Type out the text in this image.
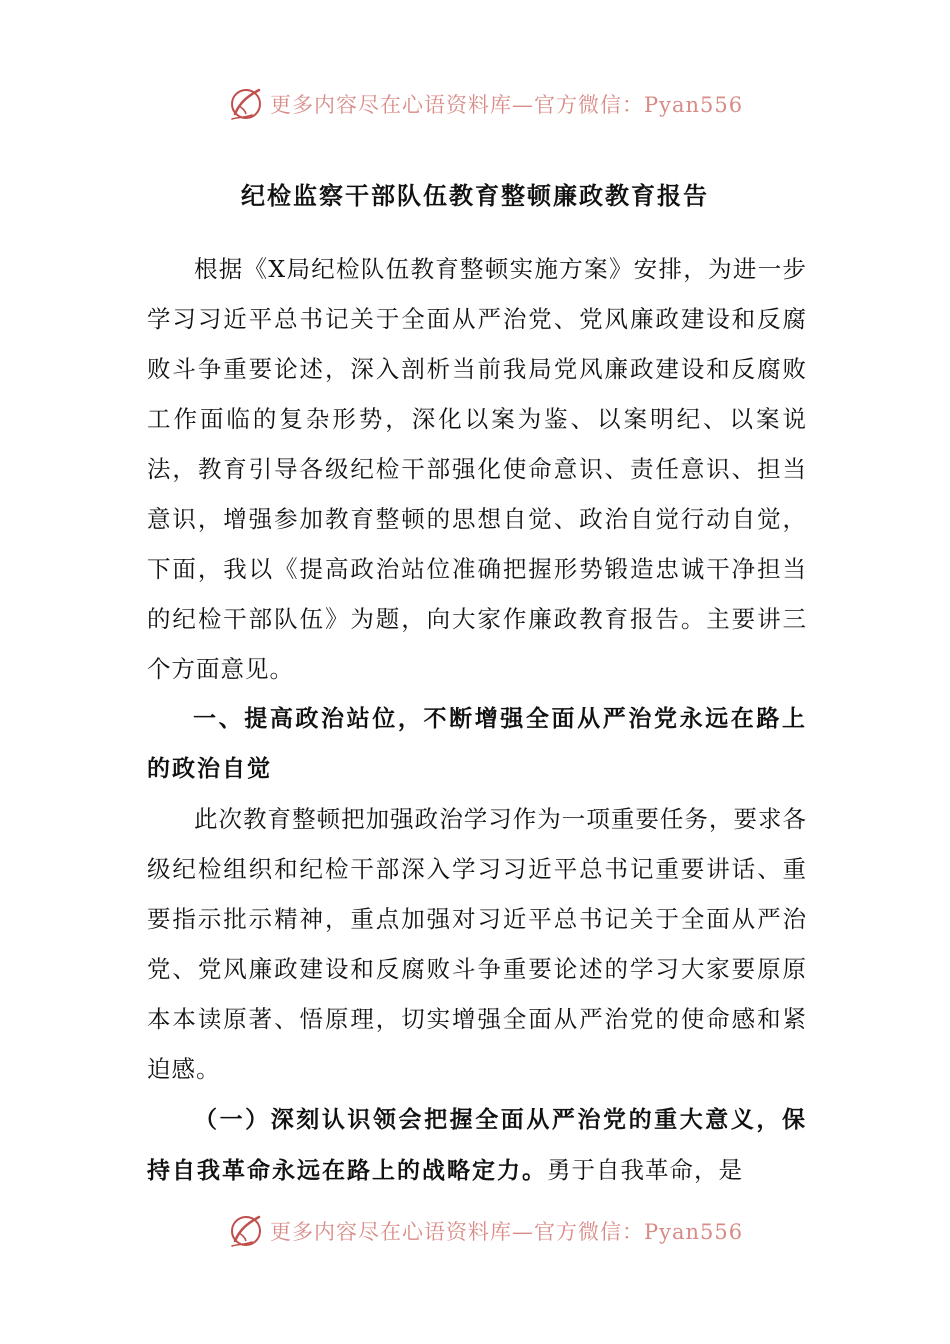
更多内容尽在心语资料库—官方微信：Pyan556
纪检监察干部队伍教育整顿廉政教育报告

根据《X局纪检队伍教育整顿实施方案》安排，为进一步学习习近平总书记关于全面从严治党、党风廉政建设和反腐败斗争重要论述，深入剖析当前我局党风廉政建设和反腐败工作面临的复杂形势，深化以案为鉴、以案明纪、以案说法，教育引导各级纪检干部强化使命意识、责任意识、担当意识，增强参加教育整顿的思想自觉、政治自觉行动自觉，下面，我以《提高政治站位准确把握形势锻造忠诚干净担当的纪检干部队伍》为题，向大家作廉政教育报告。主要讲三个方面意见。

一、提高政治站位，不断增强全面从严治党永远在路上的政治自觉

此次教育整顿把加强政治学习作为一项重要任务，要求各级纪检组织和纪检干部深入学习习近平总书记重要讲话、重要指示批示精神，重点加强对习近平总书记关于全面从严治党、党风廉政建设和反腐败斗争重要论述的学习大家要原原本本读原著、悟原理，切实增强全面从严治党的使命感和紧迫感。

（一）深刻认识领会把握全面从严治党的重大意义，保持自我革命永远在路上的战略定力。勇于自我革命，是

更多内容尽在心语资料库—官方微信：Pyan556
